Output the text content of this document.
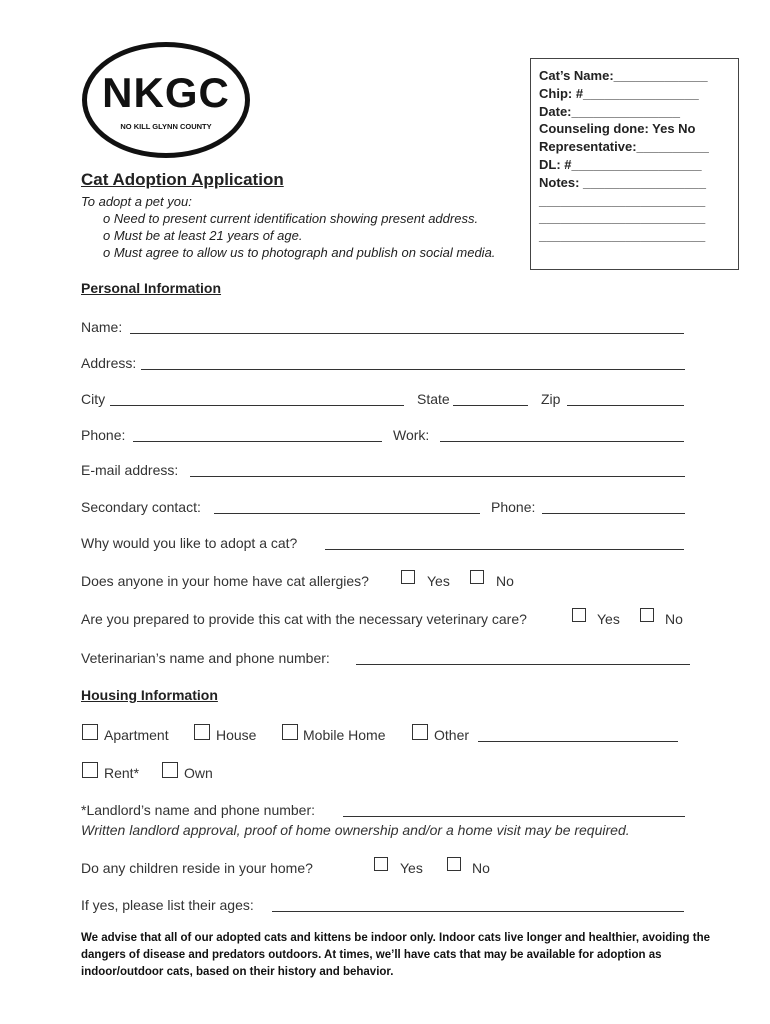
NKGC
NO KILL GLYNN COUNTY
Cat’s Name:_____________
Chip: #________________
Date:_______________
Counseling done: Yes No
Representative:__________
DL: #__________________
Notes: _________________
_______________________
_______________________
_______________________
Cat Adoption Application
To adopt a pet you:
o Need to present current identification showing present address.
o Must be at least 21 years of age.
o Must agree to allow us to photograph and publish on social media.
Personal Information
Name:
Address:
City	State	Zip
Phone:	Work:
E-mail address:
Secondary contact:	Phone:
Why would you like to adopt a cat?
Does anyone in your home have cat allergies?	Yes	No
Are you prepared to provide this cat with the necessary veterinary care?	Yes	No
Veterinarian’s name and phone number:
Housing Information
Apartment	House	Mobile Home	Other
Rent*	Own
*Landlord’s name and phone number:
Written landlord approval, proof of home ownership and/or a home visit may be required.
Do any children reside in your home?	Yes	No
If yes, please list their ages:
We advise that all of our adopted cats and kittens be indoor only. Indoor cats live longer and healthier, avoiding the dangers of disease and predators outdoors. At times, we’ll have cats that may be available for adoption as indoor/outdoor cats, based on their history and behavior.
